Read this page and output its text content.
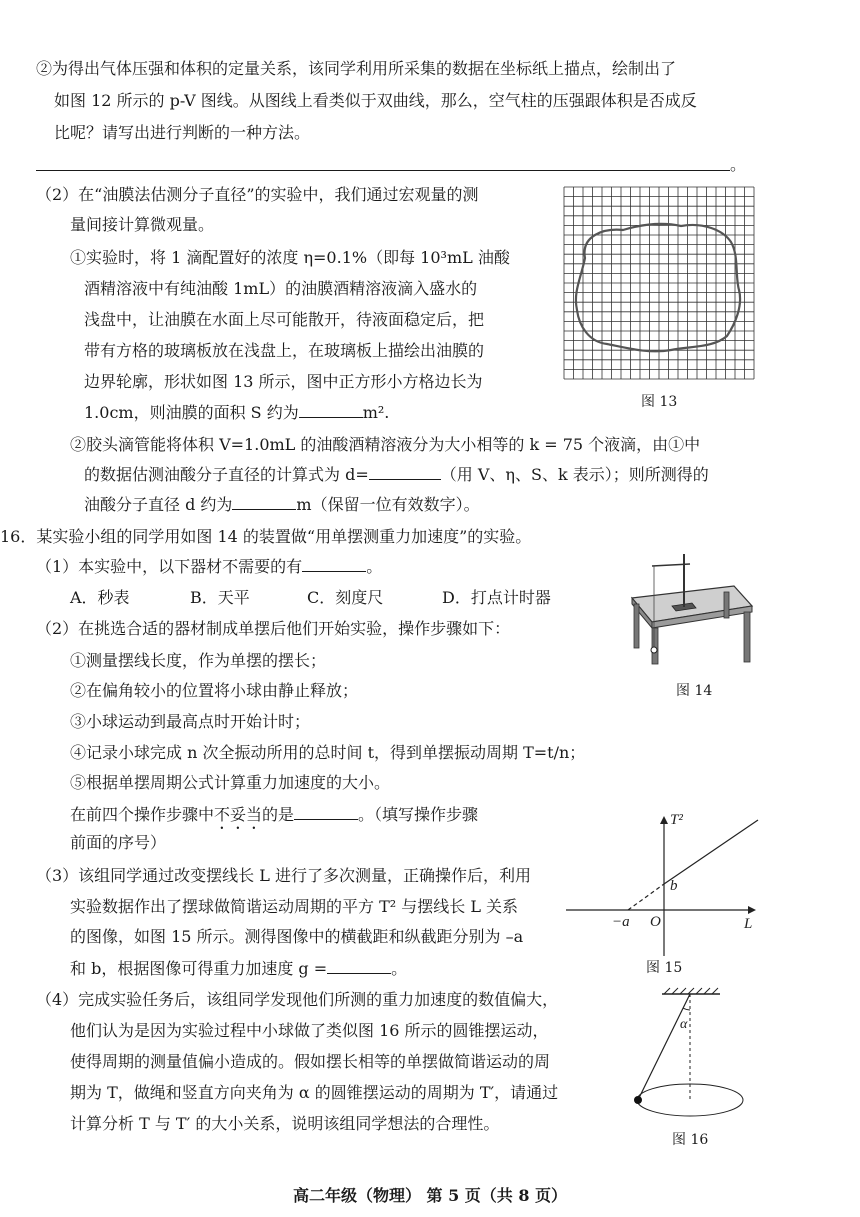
②为得出气体压强和体积的定量关系，该同学利用所采集的数据在坐标纸上描点，绘制出了
如图 12 所示的 p-V 图线。从图线上看类似于双曲线，那么，空气柱的压强跟体积是否成反
比呢？请写出进行判断的一种方法。
。
（2）在“油膜法估测分子直径”的实验中，我们通过宏观量的测
量间接计算微观量。
①实验时，将 1 滴配置好的浓度 η=0.1%（即每 10³mL 油酸
酒精溶液中有纯油酸 1mL）的油膜酒精溶液滴入盛水的
浅盘中，让油膜在水面上尽可能散开，待液面稳定后，把
带有方格的玻璃板放在浅盘上，在玻璃板上描绘出油膜的
边界轮廓，形状如图 13 所示，图中正方形小方格边长为
1.0cm，则油膜的面积 S 约为	m².
图 13
②胶头滴管能将体积 V=1.0mL 的油酸酒精溶液分为大小相等的 k = 75 个液滴，由①中
的数据估测油酸分子直径的计算式为 d=	（用 V、η、S、k 表示）；则所测得的
油酸分子直径 d 约为	m（保留一位有效数字）。
16．某实验小组的同学用如图 14 的装置做“用单摆测重力加速度”的实验。
（1）本实验中，以下器材不需要的有	。
A．秒表	B．天平	C．刻度尺	D．打点计时器
图 14
（2）在挑选合适的器材制成单摆后他们开始实验，操作步骤如下：
①测量摆线长度，作为单摆的摆长；
②在偏角较小的位置将小球由静止释放；
③小球运动到最高点时开始计时；
④记录小球完成 n 次全振动所用的总时间 t，得到单摆振动周期 T=t/n；
⑤根据单摆周期公式计算重力加速度的大小。
在前四个操作步骤中不妥当的是	。（填写操作步骤
前面的序号）
（3）该组同学通过改变摆线长 L 进行了多次测量，正确操作后，利用
实验数据作出了摆球做简谐运动周期的平方 T² 与摆线长 L 关系
的图像，如图 15 所示。测得图像中的横截距和纵截距分别为 –a
和 b，根据图像可得重力加速度 g =	。
T²
L
O
−a
b
图 15
（4）完成实验任务后，该组同学发现他们所测的重力加速度的数值偏大，
他们认为是因为实验过程中小球做了类似图 16 所示的圆锥摆运动，
使得周期的测量值偏小造成的。假如摆长相等的单摆做简谐运动的周
期为 T，做绳和竖直方向夹角为 α 的圆锥摆运动的周期为 T′，请通过
计算分析 T 与 T′ 的大小关系，说明该组同学想法的合理性。
α
图 16
高二年级（物理） 第 5 页（共 8 页）
